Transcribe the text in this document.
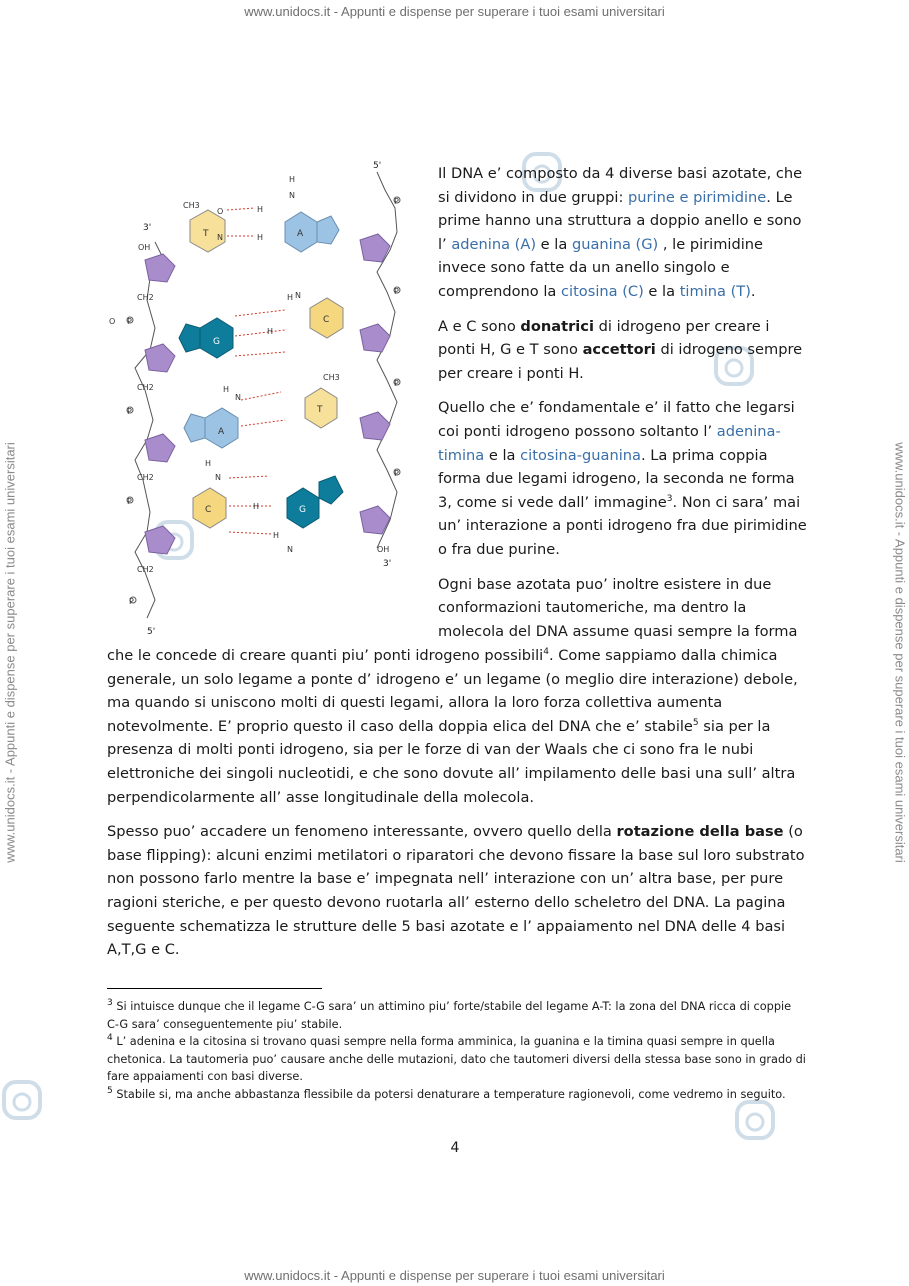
www.unidocs.it - Appunti e dispense per superare i tuoi esami universitari
www.unidocs.it - Appunti e dispense per superare i tuoi esami universitari
www.unidocs.it - Appunti e dispense per superare i tuoi esami universitari	www.unidocs.it - Appunti e dispense per superare i tuoi esami universitari
T	A
G
C
A
T
C	G
H
N
H
H
O
N
CH3
OH
CH2
P
O
H N
H
CH2
P
CH3
N
H
CH2
P
H
N
H
H
N	OH
CH2
P
P
P
P
P
5'
3'
3'
5'

Il DNA e’ composto da 4 diverse basi azotate, che si dividono in due gruppi: purine e pirimidine. Le prime hanno una struttura a doppio anello e sono l’ adenina (A) e la guanina (G) , le pirimidine invece sono fatte da un anello singolo e comprendono la citosina (C) e la timina (T).

A e C sono donatrici di idrogeno per creare i ponti H, G e T sono accettori di idrogeno sempre per creare i ponti H.

Quello che e’ fondamentale e’ il fatto che legarsi coi ponti idrogeno possono soltanto l’ adenina-timina e la citosina-guanina. La prima coppia forma due legami idrogeno, la seconda ne forma 3, come si vede dall’ immagine$^3$. Non ci sara’ mai un’ interazione a ponti idrogeno fra due pirimidine o fra due purine.

Ogni base azotata puo’ inoltre esistere in due conformazioni tautomeriche, ma dentro la molecola del DNA assume quasi sempre la forma

che le concede di creare quanti piu’ ponti idrogeno possibili$^4$. Come sappiamo dalla chimica generale, un solo legame a ponte d’ idrogeno e’ un legame (o meglio dire interazione) debole, ma quando si uniscono molti di questi legami, allora la loro forza collettiva aumenta notevolmente. E’ proprio questo il caso della doppia elica del DNA che e’ stabile$^5$ sia per la presenza di molti ponti idrogeno, sia per le forze di van der Waals che ci sono fra le nubi elettroniche dei singoli nucleotidi, e che sono dovute all’ impilamento delle basi una sull’ altra perpendicolarmente all’ asse longitudinale della molecola.

Spesso puo’ accadere un fenomeno interessante, ovvero quello della rotazione della base (o base flipping): alcuni enzimi metilatori o riparatori che devono fissare la base sul loro substrato non possono farlo mentre la base e’ impegnata nell’ interazione con un’ altra base, per pure ragioni steriche, e per questo devono ruotarla all’ esterno dello scheletro del DNA. La pagina seguente schematizza le strutture delle 5 basi azotate e l’ appaiamento nel DNA delle 4 basi A,T,G e C.

$^3$ Si intuisce dunque che il legame C-G sara’ un attimino piu’ forte/stabile del legame A-T: la zona del DNA ricca di coppie C-G sara’ conseguentemente piu’ stabile.

$^4$ L’ adenina e la citosina si trovano quasi sempre nella forma amminica, la guanina e la timina quasi sempre in quella chetonica. La tautomeria puo’ causare anche delle mutazioni, dato che tautomeri diversi della stessa base sono in grado di fare appaiamenti con basi diverse.

$^5$ Stabile si, ma anche abbastanza flessibile da potersi denaturare a temperature ragionevoli, come vedremo in seguito.

4
